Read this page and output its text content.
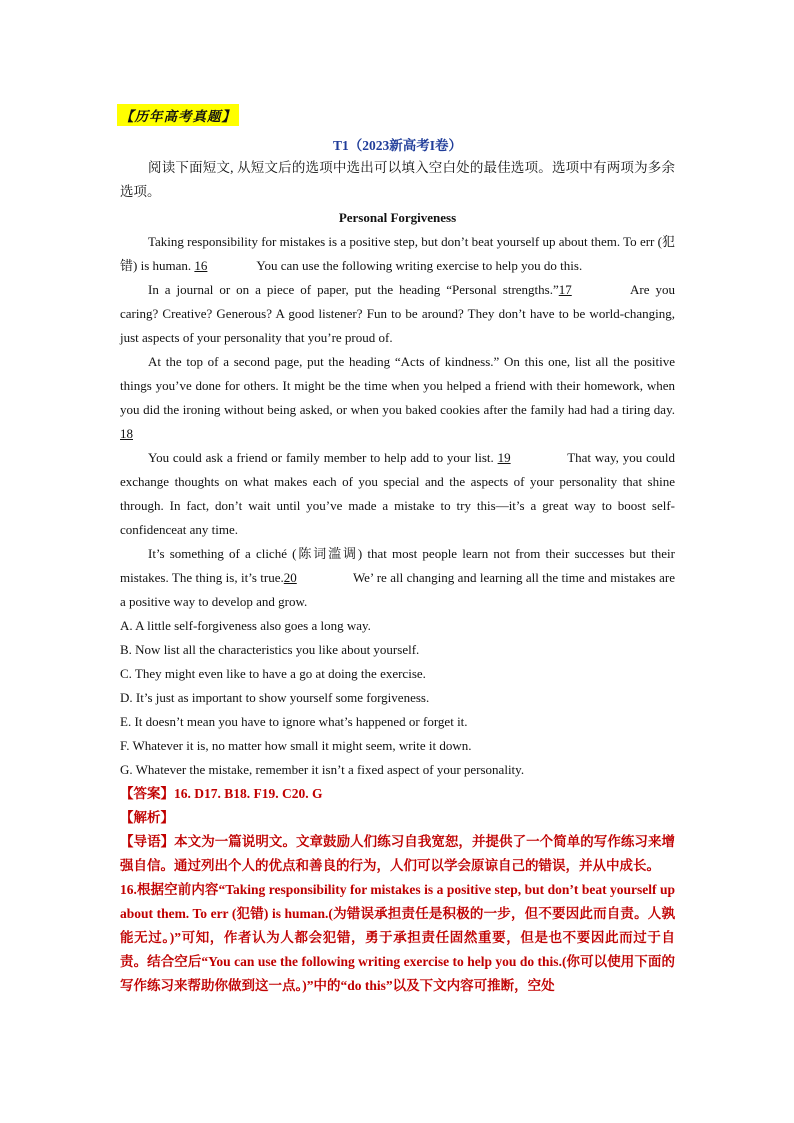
【历年高考真题】
T1（2023新高考I卷）

阅读下面短文, 从短文后的选项中选出可以填入空白处的最佳选项。选项中有两项为多余选项。

Personal Forgiveness

Taking responsibility for mistakes is a positive step, but don’t beat yourself up about them. To err (犯错) is human. 16	You can use the following writing exercise to help you do this.

In a journal or on a piece of paper, put the heading “Personal strengths.”17	Are you caring? Creative? Generous? A good listener? Fun to be around? They don’t have to be world-changing, just aspects of your personality that you’re proud of.

At the top of a second page, put the heading “Acts of kindness.” On this one, list all the positive things you’ve done for others. It might be the time when you helped a friend with their homework, when you did the ironing without being asked, or when you baked cookies after the family had had a tiring day.18

You could ask a friend or family member to help add to your list. 19	That way, you could exchange thoughts on what makes each of you special and the aspects of your personality that shine through. In fact, don’t wait until you’ve made a mistake to try this—it’s a great way to boost self-confidenceat any time.

It’s something of a cliché (陈词滥调) that most people learn not from their successes but their mistakes. The thing is, it’s true.20	We’ re all changing and learning all the time and mistakes are a positive way to develop and grow.

A. A little self-forgiveness also goes a long way.

B. Now list all the characteristics you like about yourself.

C. They might even like to have a go at doing the exercise.

D. It’s just as important to show yourself some forgiveness.

E. It doesn’t mean you have to ignore what’s happened or forget it.

F. Whatever it is, no matter how small it might seem, write it down.

G. Whatever the mistake, remember it isn’t a fixed aspect of your personality.

【答案】16. D17. B18. F19. C20. G

【解析】

【导语】本文为一篇说明文。文章鼓励人们练习自我宽恕，并提供了一个简单的写作练习来增强自信。通过列出个人的优点和善良的行为，人们可以学会原谅自己的错误，并从中成长。

16.根据空前内容“Taking responsibility for mistakes is a positive step, but don’t beat yourself up about them. To err (犯错) is human.(为错误承担责任是积极的一步，但不要因此而自责。人孰能无过。)”可知，作者认为人都会犯错，勇于承担责任固然重要，但是也不要因此而过于自责。结合空后“You can use the following writing exercise to help you do this.(你可以使用下面的写作练习来帮助你做到这一点。)”中的“do this”以及下文内容可推断，空处
